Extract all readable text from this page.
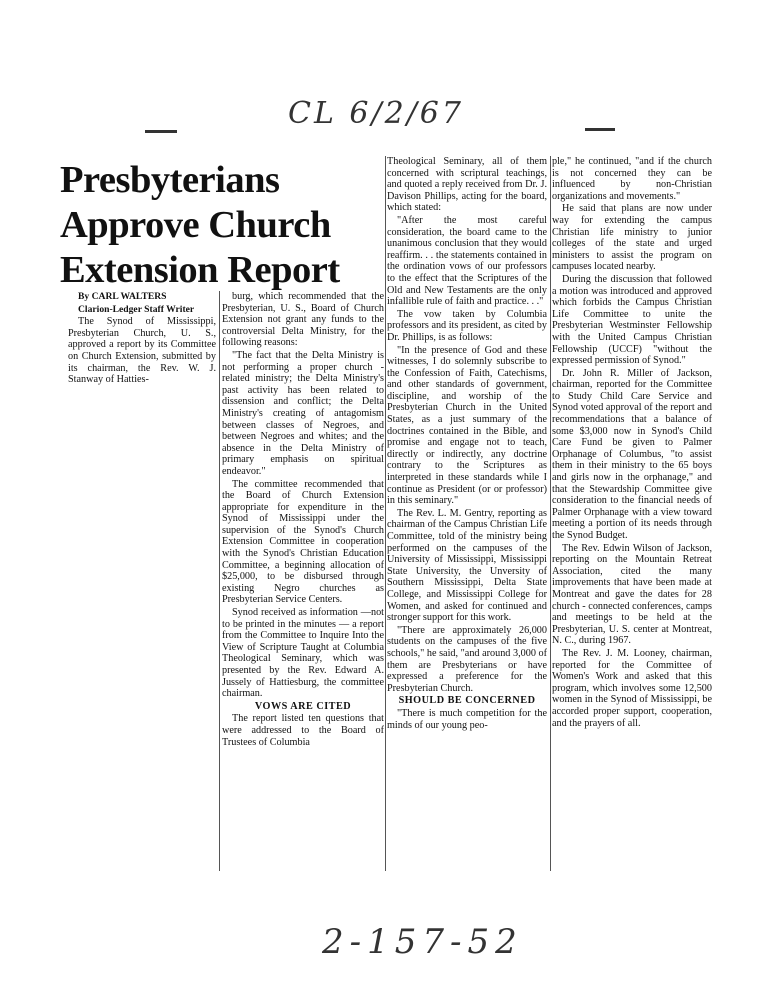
CL 6/2/67
Presbyterians
Approve Church
Extension Report

By CARL WALTERS

Clarion-Ledger Staff Writer

The Synod of Mississippi, Presbyterian Church, U. S., approved a report by its Committee on Church Extension, submitted by its chairman, the Rev. W. J. Stanway of Hatties-

burg, which recommended that the Presbyterian, U. S., Board of Church Extension not grant any funds to the controversial Delta Ministry, for the following reasons:

"The fact that the Delta Ministry is not performing a proper church - related ministry; the Delta Ministry's past activity has been related to dissension and conflict; the Delta Ministry's creating of antagomism between classes of Negroes, and between Negroes and whites; and the absence in the Delta Ministry of primary emphasis on spiritual endeavor."

The committee recommended that the Board of Church Extension appropriate for expenditure in the Synod of Mississippi under the supervision of the Synod's Church Extension Committee in cooperation with the Synod's Christian Education Committee, a beginning allocation of $25,000, to be disbursed through existing Negro churches as Presbyterian Service Centers.

Synod received as information —not to be printed in the minutes — a report from the Committee to Inquire Into the View of Scripture Taught at Columbia Theological Seminary, which was presented by the Rev. Edward A. Jussely of Hattiesburg, the committee chairman.

VOWS ARE CITED

The report listed ten questions that were addressed to the Board of Trustees of Columbia

Theological Seminary, all of them concerned with scriptural teachings, and quoted a reply received from Dr. J. Davison Phillips, acting for the board, which stated:

"After the most careful consideration, the board came to the unanimous conclusion that they would reaffirm. . . the statements contained in the ordination vows of our professors to the effect that the Scriptures of the Old and New Testaments are the only infallible rule of faith and practice. . ."

The vow taken by Columbia professors and its president, as cited by Dr. Phillips, is as follows:

"In the presence of God and these witnesses, I do solemnly subscribe to the Confession of Faith, Catechisms, and other standards of government, discipline, and worship of the Presbyterian Church in the United States, as a just summary of the doctrines contained in the Bible, and promise and engage not to teach, directly or indirectly, any doctrine contrary to the Scriptures as interpreted in these standards while I continue as President (or or professor) in this seminary."

The Rev. L. M. Gentry, reporting as chairman of the Campus Christian Life Committee, told of the ministry being performed on the campuses of the University of Mississippi, Mississippi State University, the Unversity of Southern Mississippi, Delta State College, and Mississippi College for Women, and asked for continued and stronger support for this work.

"There are approximately 26,000 students on the campuses of the five schools," he said, "and around 3,000 of them are Presbyterians or have expressed a preference for the Presbyterian Church.

SHOULD BE CONCERNED

"There is much competition for the minds of our young peo-

ple," he continued, "and if the church is not concerned they can be influenced by non-Christian organizations and movements."

He said that plans are now under way for extending the campus Christian life ministry to junior colleges of the state and urged ministers to assist the program on campuses located nearby.

During the discussion that followed a motion was introduced and approved which forbids the Campus Christian Life Committee to unite the Presbyterian Westminster Fellowship with the United Campus Christian Fellowship (UCCF) "without the expressed permission of Synod."

Dr. John R. Miller of Jackson, chairman, reported for the Committee to Study Child Care Service and Synod voted approval of the report and recommendations that a balance of some $3,000 now in Synod's Child Care Fund be given to Palmer Orphanage of Columbus, "to assist them in their ministry to the 65 boys and girls now in the orphanage," and that the Stewardship Committee give consideration to the financial needs of Palmer Orphanage with a view toward meeting a portion of its needs through the Synod Budget.

The Rev. Edwin Wilson of Jackson, reporting on the Mountain Retreat Association, cited the many improvements that have been made at Montreat and gave the dates for 28 church - connected conferences, camps and meetings to be held at the Presbyterian, U. S. center at Montreat, N. C., during 1967.

The Rev. J. M. Looney, chairman, reported for the Committee of Women's Work and asked that this program, which involves some 12,500 women in the Synod of Mississippi, be accorded proper support, cooperation, and the prayers of all.

2-157-52
